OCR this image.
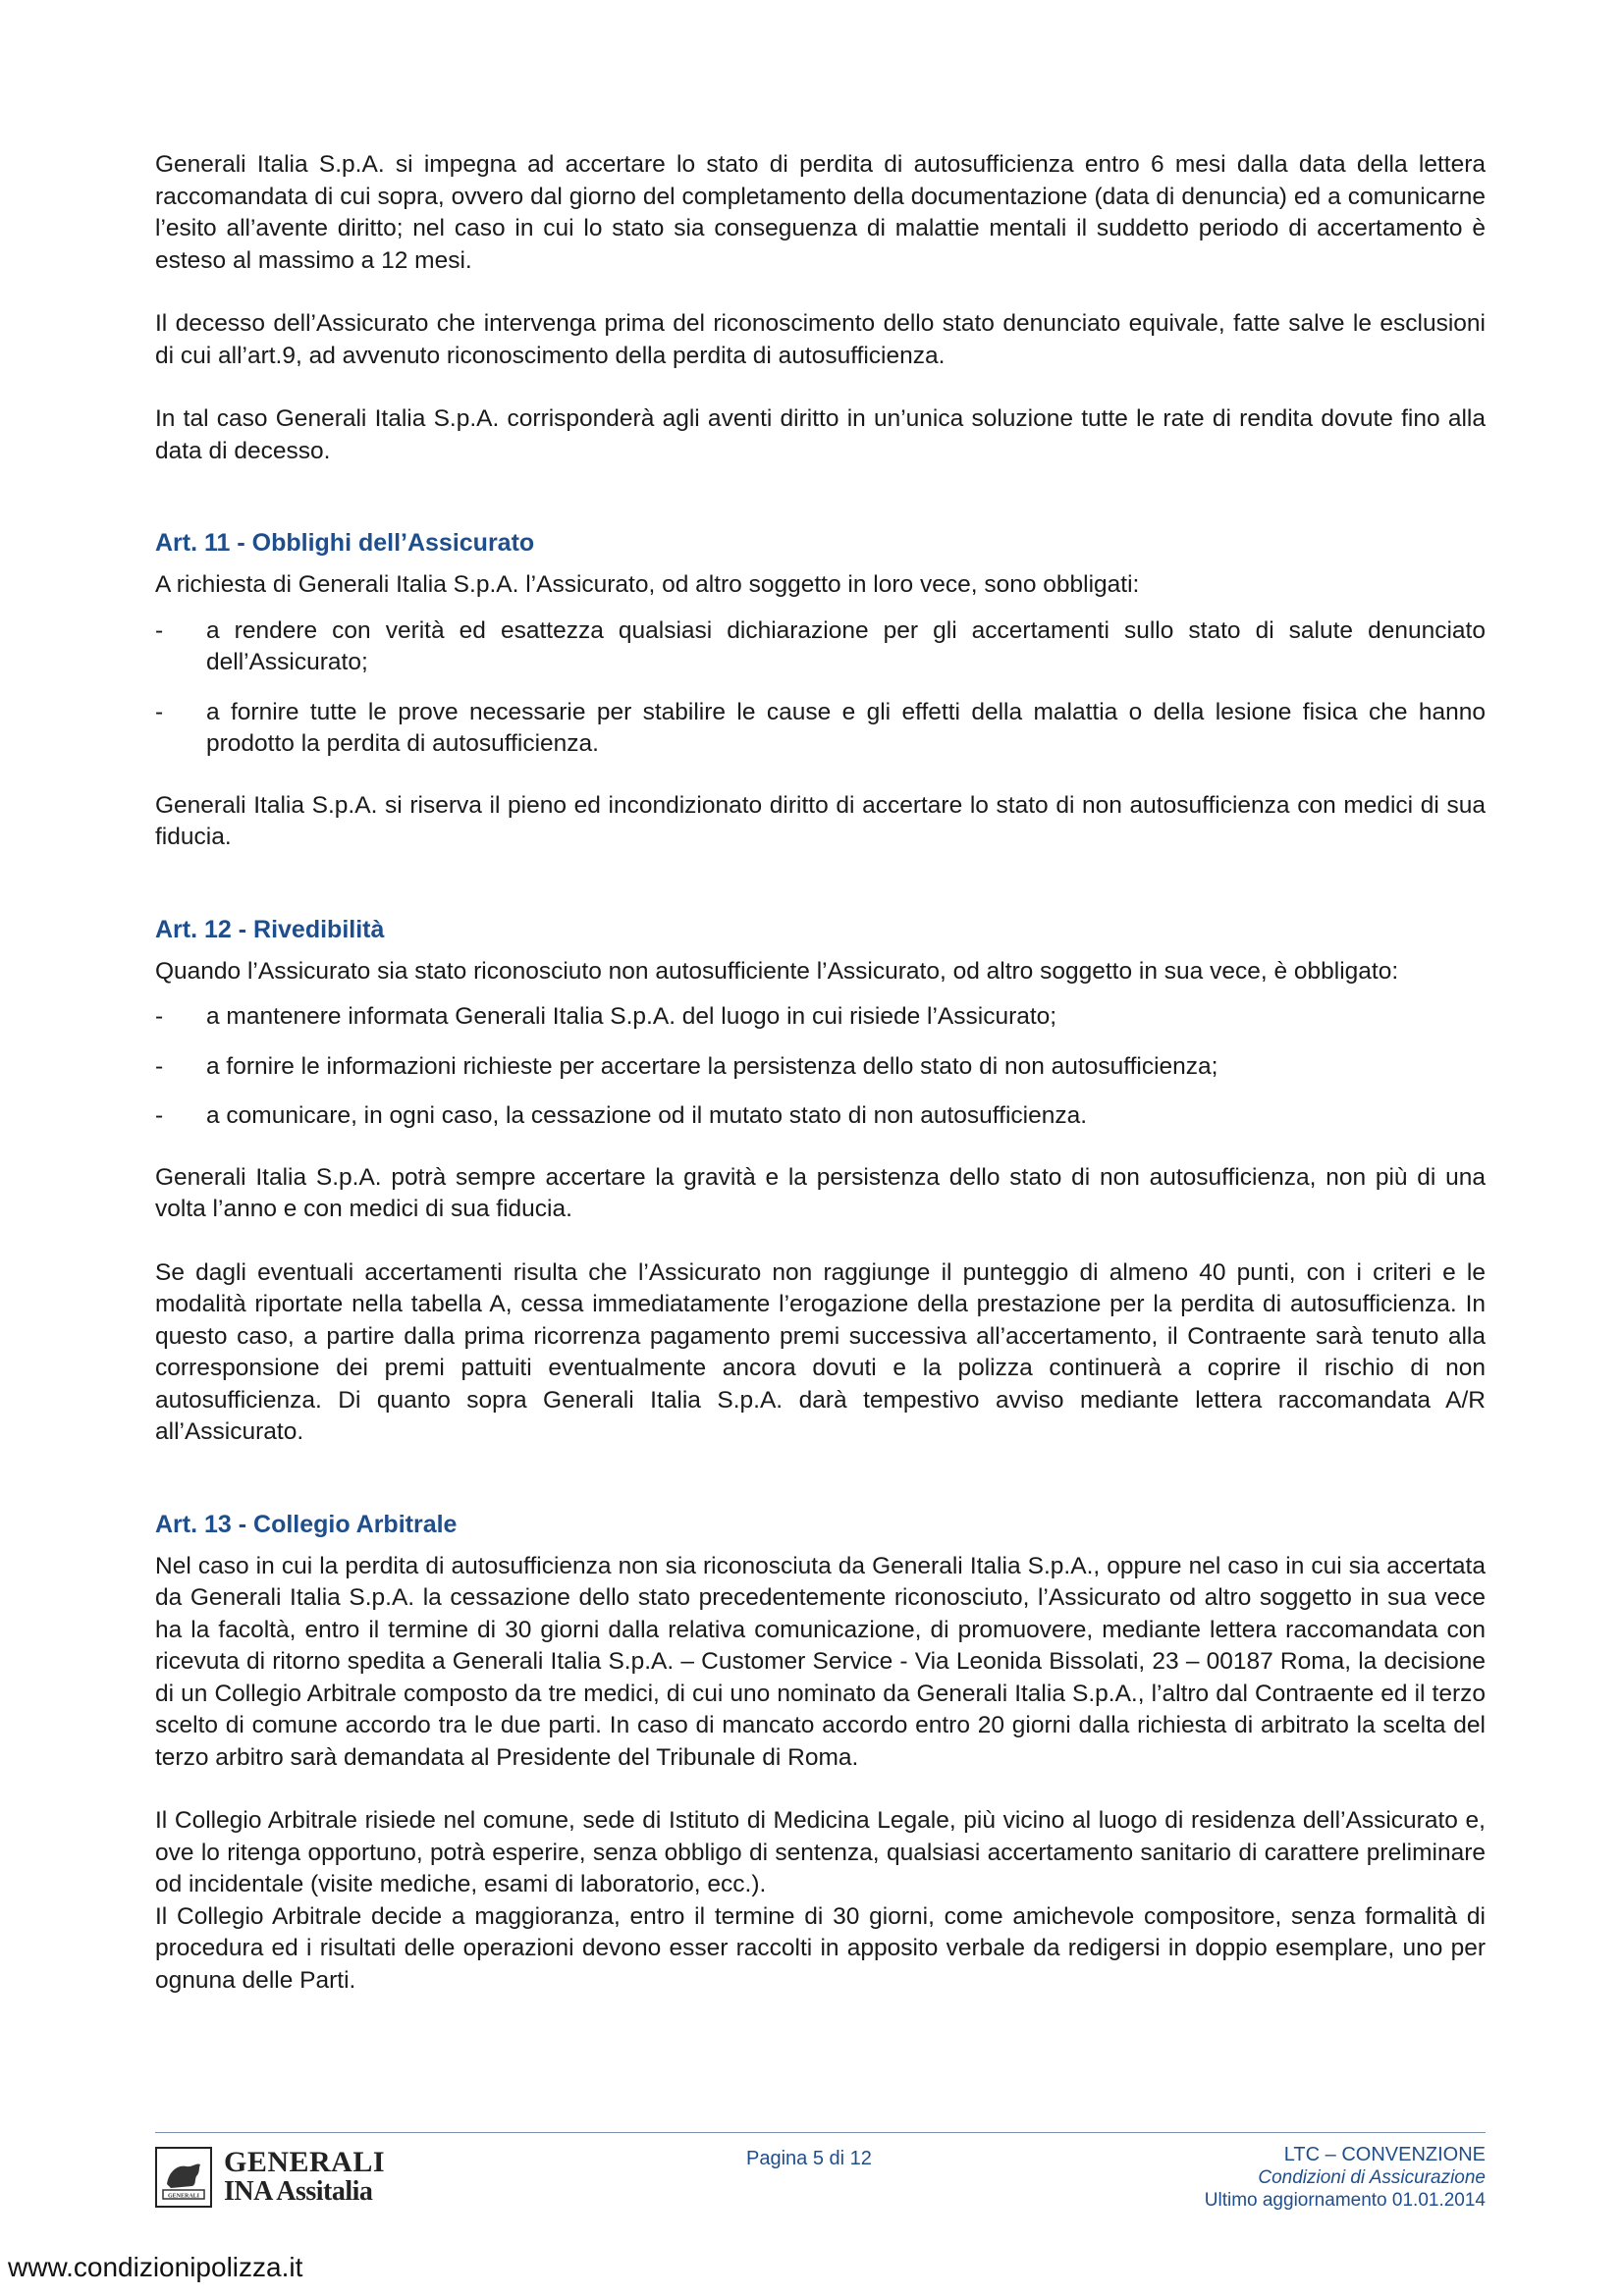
Generali Italia S.p.A. si impegna ad accertare lo stato di perdita di autosufficienza entro 6 mesi dalla data della lettera raccomandata di cui sopra, ovvero dal giorno del completamento della documentazione (data di denuncia) ed a comunicarne l’esito all’avente diritto; nel caso in cui lo stato sia conseguenza di malattie mentali il suddetto periodo di accertamento è esteso al massimo a 12 mesi.

Il decesso dell’Assicurato che intervenga prima del riconoscimento dello stato denunciato equivale, fatte salve le esclusioni di cui all’art.9, ad avvenuto riconoscimento della perdita di autosufficienza.

In tal caso Generali Italia S.p.A. corrisponderà agli aventi diritto in un’unica soluzione tutte le rate di rendita dovute fino alla data di decesso.

Art. 11 - Obblighi dell’Assicurato

A richiesta di Generali Italia S.p.A. l’Assicurato, od altro soggetto in loro vece, sono obbligati:

- a rendere con verità ed esattezza qualsiasi dichiarazione per gli accertamenti sullo stato di salute denunciato dell’Assicurato;
- a fornire tutte le prove necessarie per stabilire le cause e gli effetti della malattia o della lesione fisica che hanno prodotto la perdita di autosufficienza.

Generali Italia S.p.A. si riserva il pieno ed incondizionato diritto di accertare lo stato di non autosufficienza con medici di sua fiducia.

Art. 12 - Rivedibilità

Quando l’Assicurato sia stato riconosciuto non autosufficiente l’Assicurato, od altro soggetto in sua vece, è obbligato:

- a mantenere informata Generali Italia S.p.A. del luogo in cui risiede l’Assicurato;
- a fornire le informazioni richieste per accertare la persistenza dello stato di non autosufficienza;
- a comunicare, in ogni caso, la cessazione od il mutato stato di non autosufficienza.

Generali Italia S.p.A. potrà sempre accertare la gravità e la persistenza dello stato di non autosufficienza, non più di una volta l’anno e con medici di sua fiducia.

Se dagli eventuali accertamenti risulta che l’Assicurato non raggiunge il punteggio di almeno 40 punti, con i criteri e le modalità riportate nella tabella A, cessa immediatamente l’erogazione della prestazione per la perdita di autosufficienza. In questo caso, a partire dalla prima ricorrenza pagamento premi successiva all’accertamento, il Contraente sarà tenuto alla corresponsione dei premi pattuiti eventualmente ancora dovuti e la polizza continuerà a coprire il rischio di non autosufficienza. Di quanto sopra Generali Italia S.p.A. darà tempestivo avviso mediante lettera raccomandata A/R all’Assicurato.

Art. 13 - Collegio Arbitrale

Nel caso in cui la perdita di autosufficienza non sia riconosciuta da Generali Italia S.p.A., oppure nel caso in cui sia accertata da Generali Italia S.p.A. la cessazione dello stato precedentemente riconosciuto, l’Assicurato od altro soggetto in sua vece ha la facoltà, entro il termine di 30 giorni dalla relativa comunicazione, di promuovere, mediante lettera raccomandata con ricevuta di ritorno spedita a Generali Italia S.p.A. – Customer Service - Via Leonida Bissolati, 23 – 00187 Roma, la decisione di un Collegio Arbitrale composto da tre medici, di cui uno nominato da Generali Italia S.p.A., l’altro dal Contraente ed il terzo scelto di comune accordo tra le due parti. In caso di mancato accordo entro 20 giorni dalla richiesta di arbitrato la scelta del terzo arbitro sarà demandata al Presidente del Tribunale di Roma.

Il Collegio Arbitrale risiede nel comune, sede di Istituto di Medicina Legale, più vicino al luogo di residenza dell’Assicurato e, ove lo ritenga opportuno, potrà esperire, senza obbligo di sentenza, qualsiasi accertamento sanitario di carattere preliminare od incidentale (visite mediche, esami di laboratorio, ecc.).

Il Collegio Arbitrale decide a maggioranza, entro il termine di 30 giorni, come amichevole compositore, senza formalità di procedura ed i risultati delle operazioni devono esser raccolti in apposito verbale da redigersi in doppio esemplare, uno per ognuna delle Parti.

GENERALI
GENERALI
INA Assitalia
Pagina 5 di 12	LTC – CONVENZIONE
Condizioni di Assicurazione
Ultimo aggiornamento 01.01.2014
www.condizionipolizza.it
